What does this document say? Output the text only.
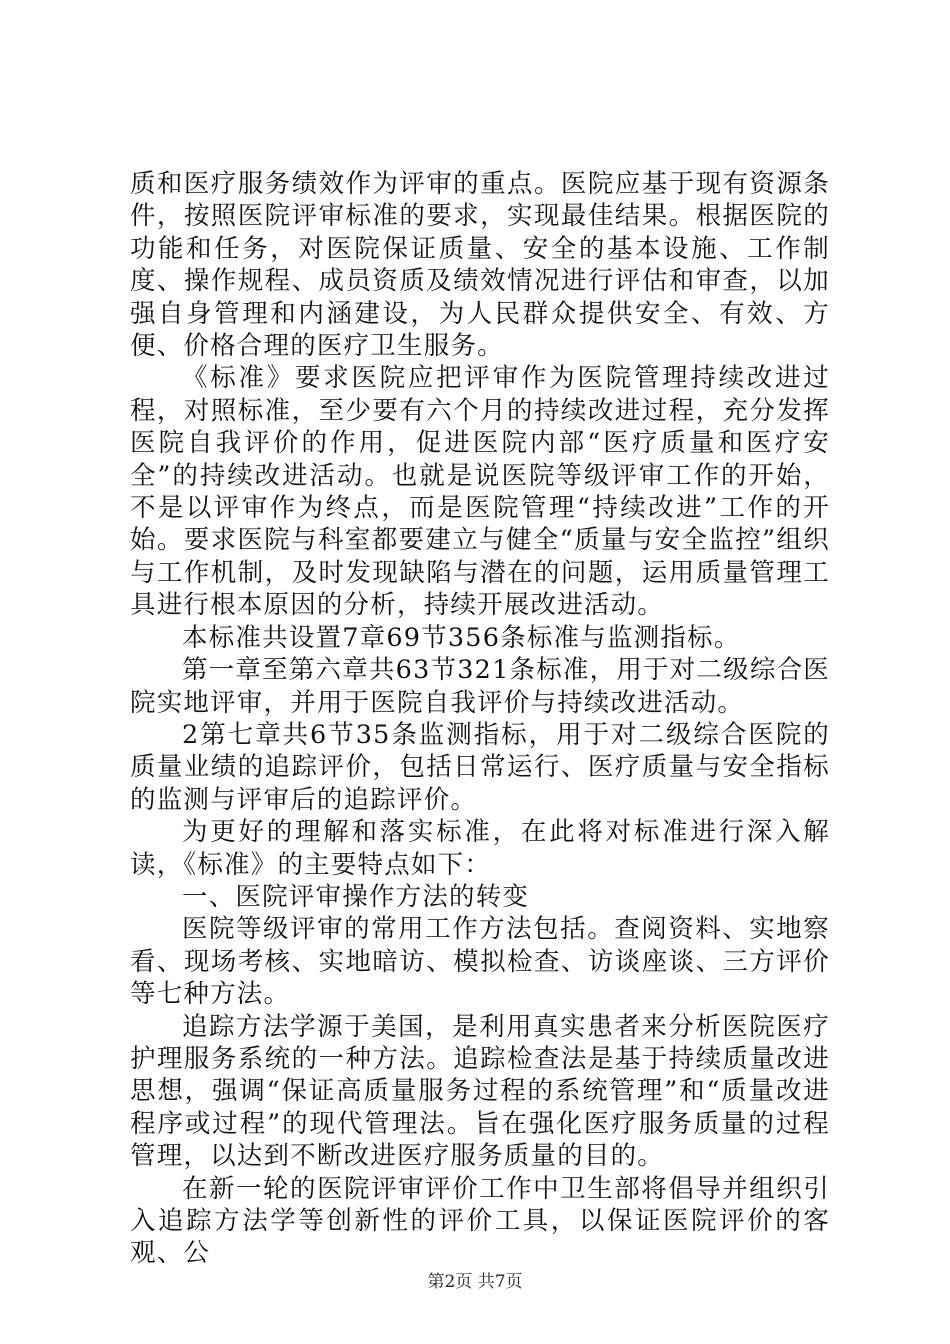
质和医疗服务绩效作为评审的重点。医院应基于现有资源条件，按照医院评审标准的要求，实现最佳结果。根据医院的功能和任务，对医院保证质量、安全的基本设施、工作制度、操作规程、成员资质及绩效情况进行评估和审查，以加强自身管理和内涵建设，为人民群众提供安全、有效、方便、价格合理的医疗卫生服务。

《标准》要求医院应把评审作为医院管理持续改进过程，对照标准，至少要有六个月的持续改进过程，充分发挥医院自我评价的作用，促进医院内部“医疗质量和医疗安全”的持续改进活动。也就是说医院等级评审工作的开始，不是以评审作为终点，而是医院管理“持续改进”工作的开始。要求医院与科室都要建立与健全“质量与安全监控”组织与工作机制，及时发现缺陷与潜在的问题，运用质量管理工具进行根本原因的分析，持续开展改进活动。

本标准共设置7章69节356条标准与监测指标。

第一章至第六章共63节321条标准，用于对二级综合医院实地评审，并用于医院自我评价与持续改进活动。

2第七章共6节35条监测指标，用于对二级综合医院的质量业绩的追踪评价，包括日常运行、医疗质量与安全指标的监测与评审后的追踪评价。

为更好的理解和落实标准，在此将对标准进行深入解读，《标准》的主要特点如下：

一、医院评审操作方法的转变

医院等级评审的常用工作方法包括。查阅资料、实地察看、现场考核、实地暗访、模拟检查、访谈座谈、三方评价等七种方法。

追踪方法学源于美国，是利用真实患者来分析医院医疗护理服务系统的一种方法。追踪检查法是基于持续质量改进思想，强调“保证高质量服务过程的系统管理”和“质量改进程序或过程”的现代管理法。旨在强化医疗服务质量的过程管理，以达到不断改进医疗服务质量的目的。

在新一轮的医院评审评价工作中卫生部将倡导并组织引入追踪方法学等创新性的评价工具，以保证医院评价的客观、公

第2页 共7页
